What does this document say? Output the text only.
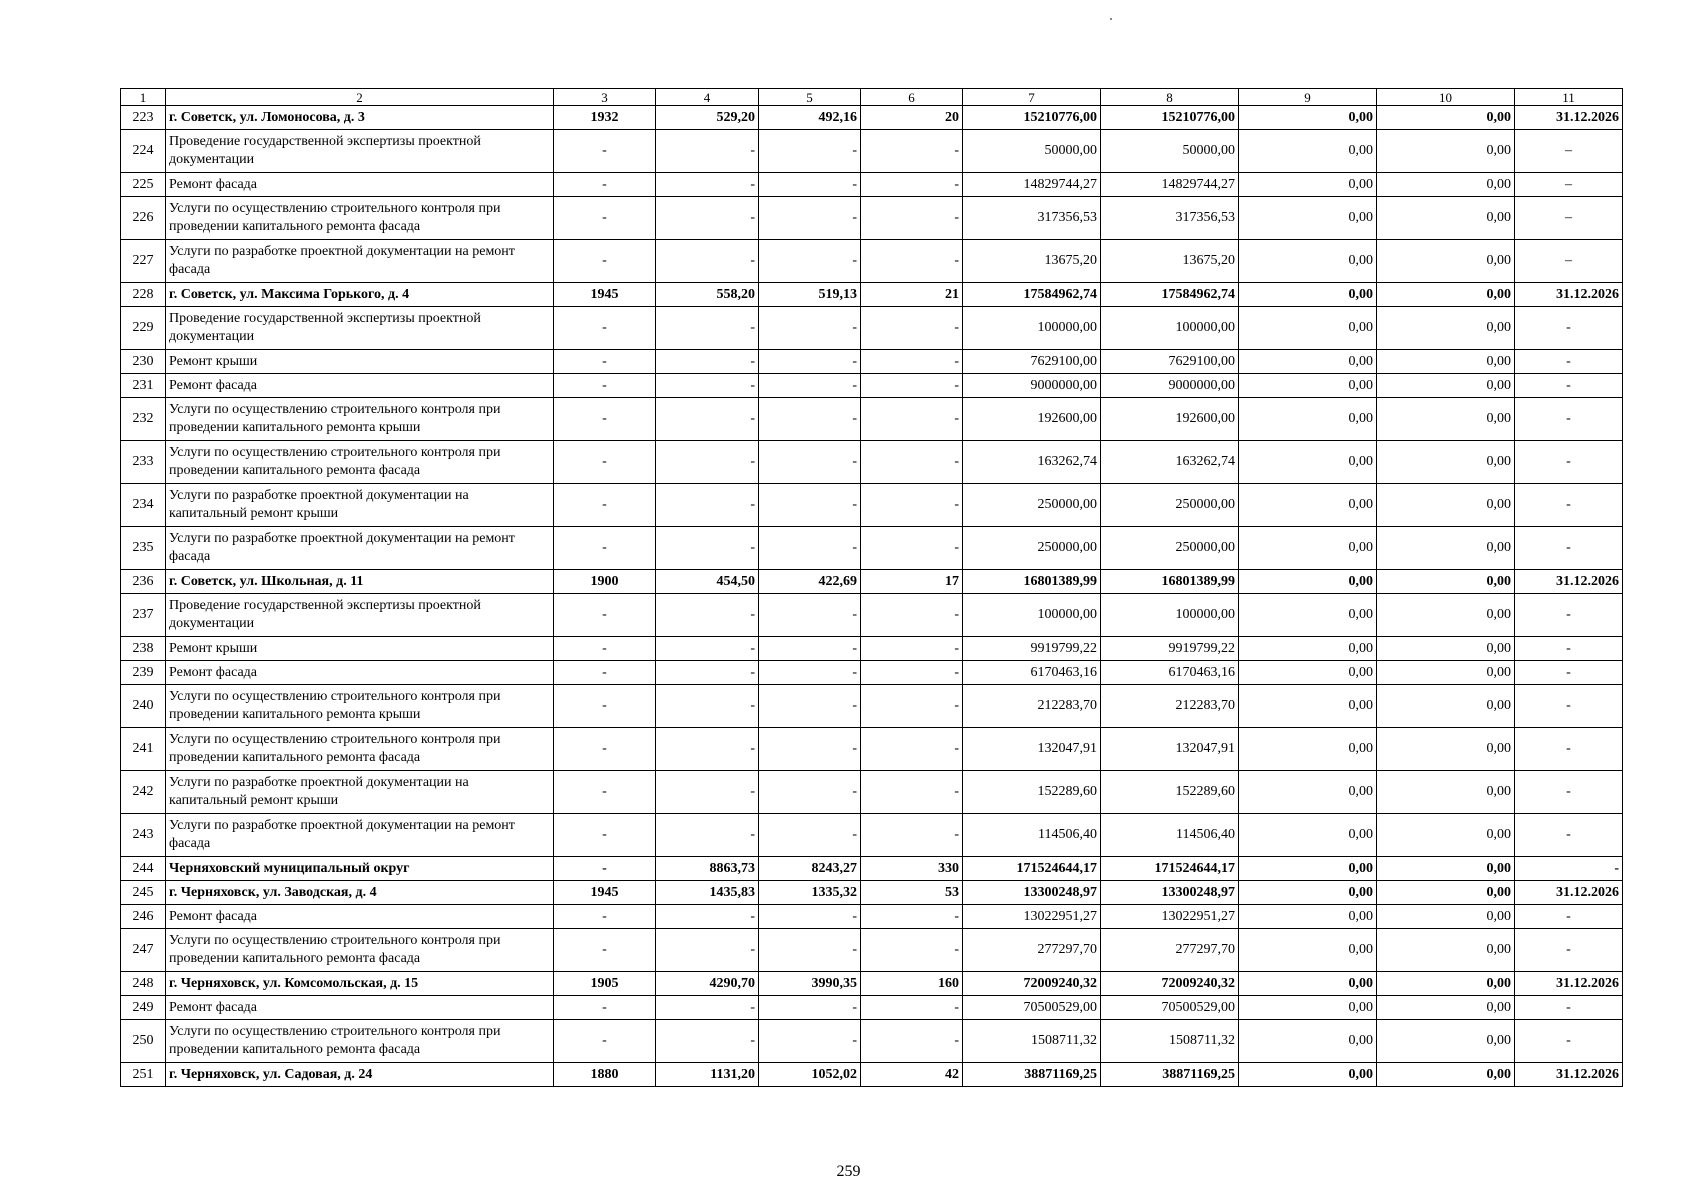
1	2	3	4	5	6	7	8	9	10	11
223	г. Советск, ул. Ломоносова, д. 3	1932	529,20	492,16	20	15210776,00	15210776,00	0,00	0,00	31.12.2026
224	Проведение государственной экспертизы проектной документации	-	-	-	-	50000,00	50000,00	0,00	0,00	–
225	Ремонт фасада	-	-	-	-	14829744,27	14829744,27	0,00	0,00	–
226	Услуги по осуществлению строительного контроля при проведении капитального ремонта фасада	-	-	-	-	317356,53	317356,53	0,00	0,00	–
227	Услуги по разработке проектной документации на ремонт фасада	-	-	-	-	13675,20	13675,20	0,00	0,00	–
228	г. Советск, ул. Максима Горького, д. 4	1945	558,20	519,13	21	17584962,74	17584962,74	0,00	0,00	31.12.2026
229	Проведение государственной экспертизы проектной документации	-	-	-	-	100000,00	100000,00	0,00	0,00	-
230	Ремонт крыши	-	-	-	-	7629100,00	7629100,00	0,00	0,00	-
231	Ремонт фасада	-	-	-	-	9000000,00	9000000,00	0,00	0,00	-
232	Услуги по осуществлению строительного контроля при проведении капитального ремонта крыши	-	-	-	-	192600,00	192600,00	0,00	0,00	-
233	Услуги по осуществлению строительного контроля при проведении капитального ремонта фасада	-	-	-	-	163262,74	163262,74	0,00	0,00	-
234	Услуги по разработке проектной документации на капитальный ремонт крыши	-	-	-	-	250000,00	250000,00	0,00	0,00	-
235	Услуги по разработке проектной документации на ремонт фасада	-	-	-	-	250000,00	250000,00	0,00	0,00	-
236	г. Советск, ул. Школьная, д. 11	1900	454,50	422,69	17	16801389,99	16801389,99	0,00	0,00	31.12.2026
237	Проведение государственной экспертизы проектной документации	-	-	-	-	100000,00	100000,00	0,00	0,00	-
238	Ремонт крыши	-	-	-	-	9919799,22	9919799,22	0,00	0,00	-
239	Ремонт фасада	-	-	-	-	6170463,16	6170463,16	0,00	0,00	-
240	Услуги по осуществлению строительного контроля при проведении капитального ремонта крыши	-	-	-	-	212283,70	212283,70	0,00	0,00	-
241	Услуги по осуществлению строительного контроля при проведении капитального ремонта фасада	-	-	-	-	132047,91	132047,91	0,00	0,00	-
242	Услуги по разработке проектной документации на капитальный ремонт крыши	-	-	-	-	152289,60	152289,60	0,00	0,00	-
243	Услуги по разработке проектной документации на ремонт фасада	-	-	-	-	114506,40	114506,40	0,00	0,00	-
244	Черняховский муниципальный округ	-	8863,73	8243,27	330	171524644,17	171524644,17	0,00	0,00	-
245	г. Черняховск, ул. Заводская, д. 4	1945	1435,83	1335,32	53	13300248,97	13300248,97	0,00	0,00	31.12.2026
246	Ремонт фасада	-	-	-	-	13022951,27	13022951,27	0,00	0,00	-
247	Услуги по осуществлению строительного контроля при проведении капитального ремонта фасада	-	-	-	-	277297,70	277297,70	0,00	0,00	-
248	г. Черняховск, ул. Комсомольская, д. 15	1905	4290,70	3990,35	160	72009240,32	72009240,32	0,00	0,00	31.12.2026
249	Ремонт фасада	-	-	-	-	70500529,00	70500529,00	0,00	0,00	-
250	Услуги по осуществлению строительного контроля при проведении капитального ремонта фасада	-	-	-	-	1508711,32	1508711,32	0,00	0,00	-
251	г. Черняховск, ул. Садовая, д. 24	1880	1131,20	1052,02	42	38871169,25	38871169,25	0,00	0,00	31.12.2026
259
